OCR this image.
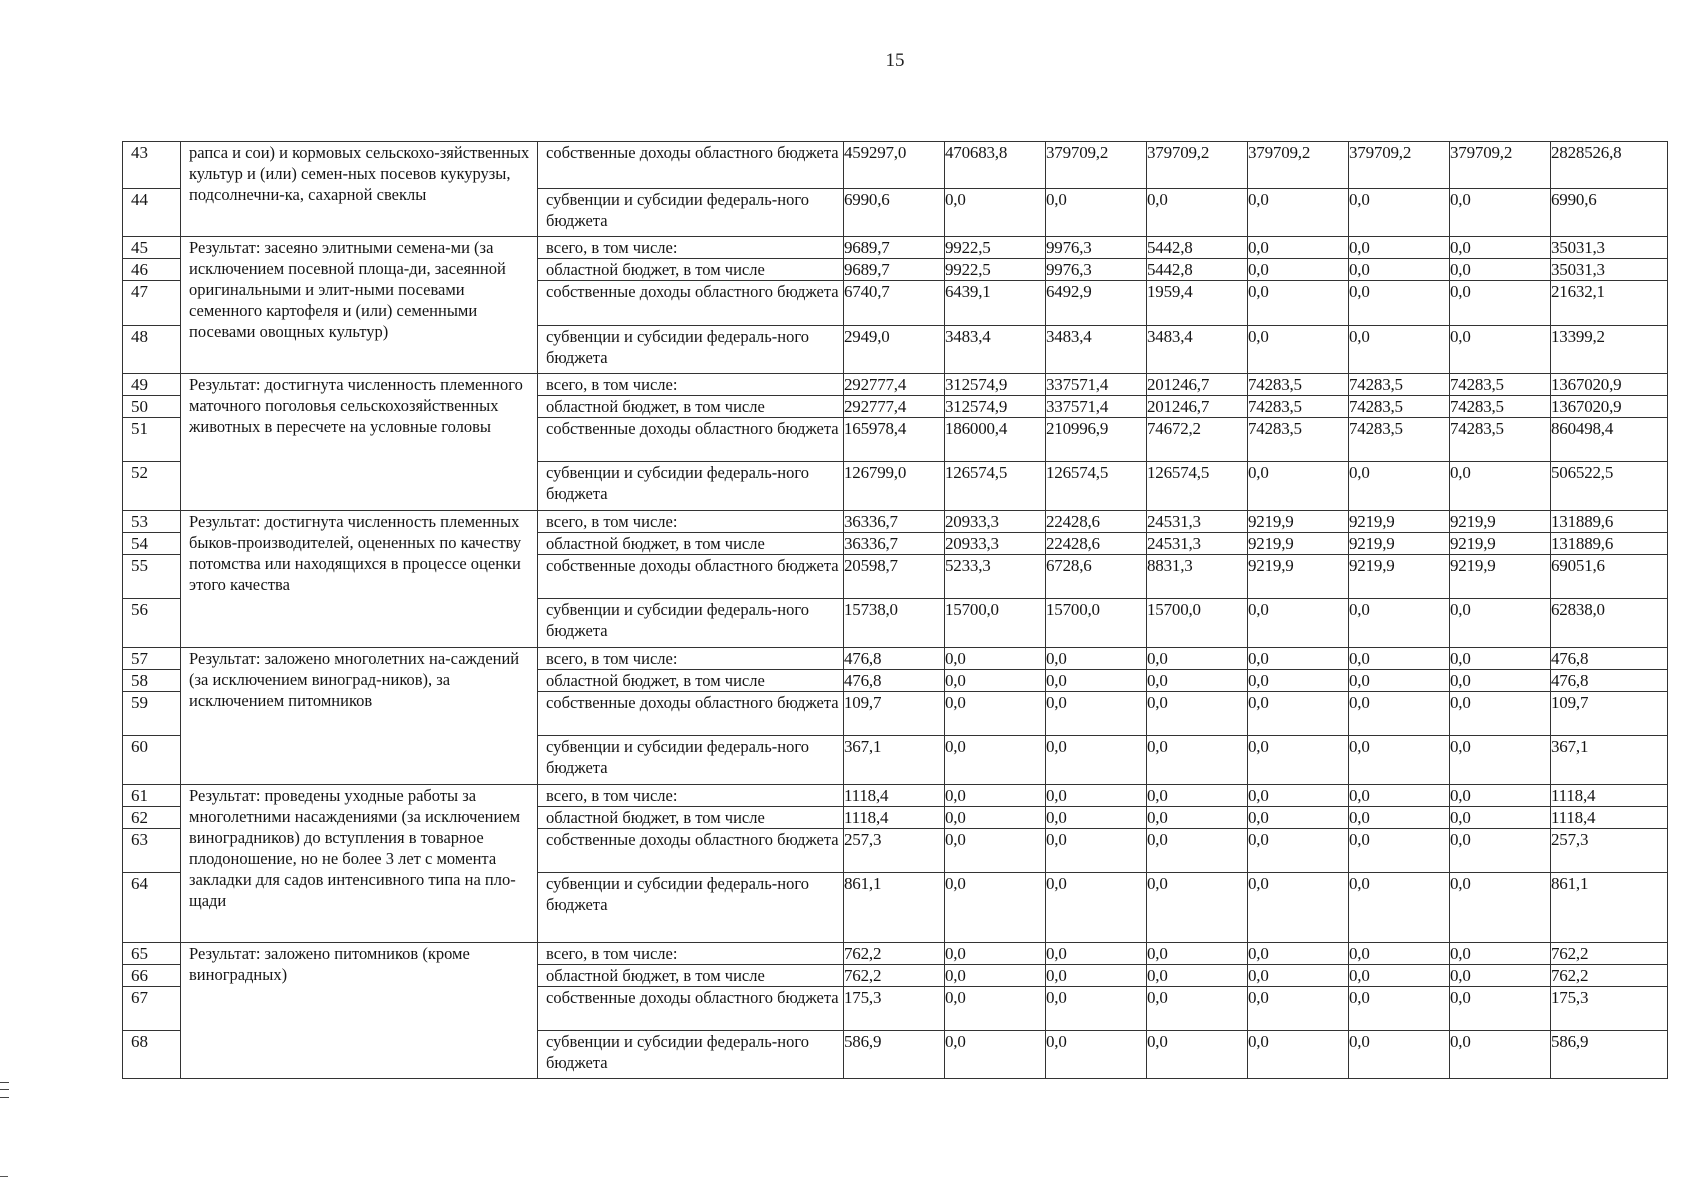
15
43	рапса и сои) и кормовых сельскохо-зяйственных культур и (или) семен-ных посевов кукурузы, подсолнечни-ка, сахарной свеклы	собственные доходы областного бюджета	459297,0	470683,8	379709,2	379709,2	379709,2	379709,2	379709,2	2828526,8
44		субвенции и субсидии федераль-ного бюджета	6990,6	0,0	0,0	0,0	0,0	0,0	0,0	6990,6
45	Результат: засеяно элитными семена-ми (за исключением посевной площа-ди, засеянной оригинальными и элит-ными посевами семенного картофеля и (или) семенными посевами овощных культур)	всего, в том числе:	9689,7	9922,5	9976,3	5442,8	0,0	0,0	0,0	35031,3
46		областной бюджет, в том числе	9689,7	9922,5	9976,3	5442,8	0,0	0,0	0,0	35031,3
47		собственные доходы областного бюджета	6740,7	6439,1	6492,9	1959,4	0,0	0,0	0,0	21632,1
48		субвенции и субсидии федераль-ного бюджета	2949,0	3483,4	3483,4	3483,4	0,0	0,0	0,0	13399,2
49	Результат: достигнута численность племенного маточного поголовья сельскохозяйственных животных в пересчете на условные головы	всего, в том числе:	292777,4	312574,9	337571,4	201246,7	74283,5	74283,5	74283,5	1367020,9
50		областной бюджет, в том числе	292777,4	312574,9	337571,4	201246,7	74283,5	74283,5	74283,5	1367020,9
51		собственные доходы областного бюджета	165978,4	186000,4	210996,9	74672,2	74283,5	74283,5	74283,5	860498,4
52		субвенции и субсидии федераль-ного бюджета	126799,0	126574,5	126574,5	126574,5	0,0	0,0	0,0	506522,5
53	Результат: достигнута численность племенных быков-производителей, оцененных по качеству потомства или находящихся в процессе оценки этого качества	всего, в том числе:	36336,7	20933,3	22428,6	24531,3	9219,9	9219,9	9219,9	131889,6
54		областной бюджет, в том числе	36336,7	20933,3	22428,6	24531,3	9219,9	9219,9	9219,9	131889,6
55		собственные доходы областного бюджета	20598,7	5233,3	6728,6	8831,3	9219,9	9219,9	9219,9	69051,6
56		субвенции и субсидии федераль-ного бюджета	15738,0	15700,0	15700,0	15700,0	0,0	0,0	0,0	62838,0
57	Результат: заложено многолетних на-саждений (за исключением виноград-ников), за исключением питомников	всего, в том числе:	476,8	0,0	0,0	0,0	0,0	0,0	0,0	476,8
58		областной бюджет, в том числе	476,8	0,0	0,0	0,0	0,0	0,0	0,0	476,8
59		собственные доходы областного бюджета	109,7	0,0	0,0	0,0	0,0	0,0	0,0	109,7
60		субвенции и субсидии федераль-ного бюджета	367,1	0,0	0,0	0,0	0,0	0,0	0,0	367,1
61	Результат: проведены уходные работы за многолетними насаждениями (за исключением виноградников) до вступления в товарное плодоношение, но не более 3 лет с момента закладки для садов интенсивного типа на пло-щади	всего, в том числе:	1118,4	0,0	0,0	0,0	0,0	0,0	0,0	1118,4
62		областной бюджет, в том числе	1118,4	0,0	0,0	0,0	0,0	0,0	0,0	1118,4
63		собственные доходы областного бюджета	257,3	0,0	0,0	0,0	0,0	0,0	0,0	257,3
64		субвенции и субсидии федераль-ного бюджета	861,1	0,0	0,0	0,0	0,0	0,0	0,0	861,1
65	Результат: заложено питомников (кроме виноградных)	всего, в том числе:	762,2	0,0	0,0	0,0	0,0	0,0	0,0	762,2
66		областной бюджет, в том числе	762,2	0,0	0,0	0,0	0,0	0,0	0,0	762,2
67		собственные доходы областного бюджета	175,3	0,0	0,0	0,0	0,0	0,0	0,0	175,3
68		субвенции и субсидии федераль-ного бюджета	586,9	0,0	0,0	0,0	0,0	0,0	0,0	586,9
